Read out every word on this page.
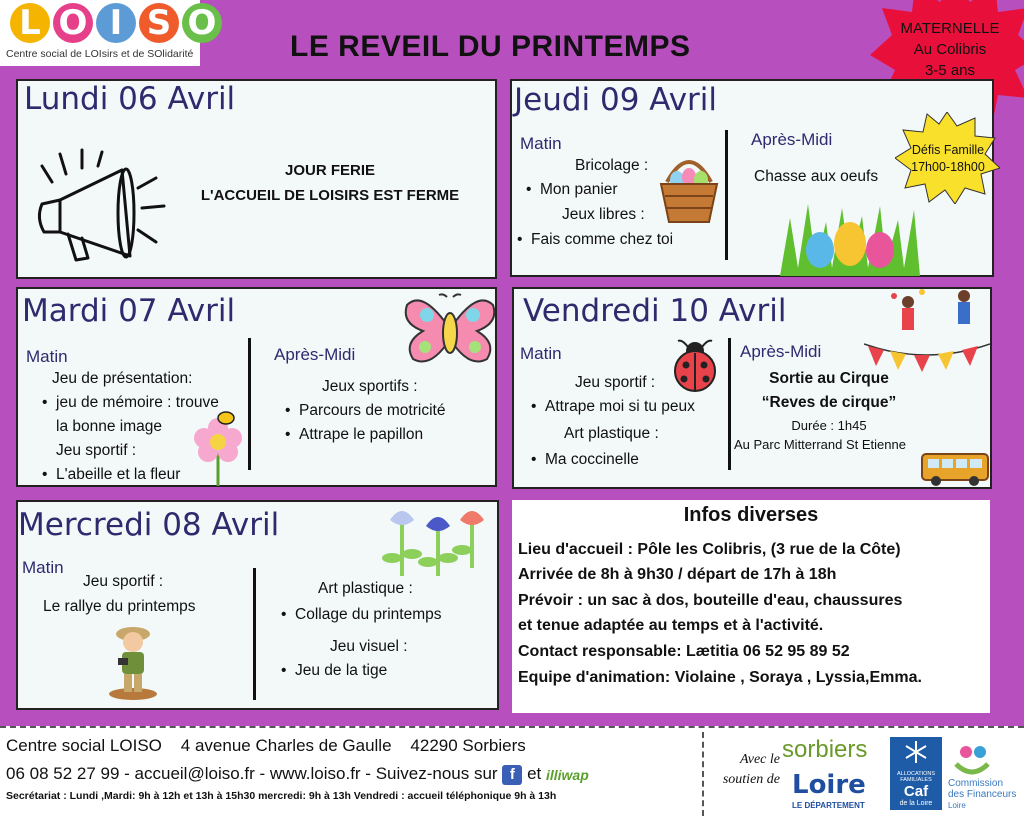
L O I S O
Centre social de LOIsirs et de SOlidarité	LE REVEIL DU PRINTEMPS
MATERNELLE
Au Colibris
3-5 ans
Lundi 06 Avril
JOUR FERIE
L'ACCUEIL DE LOISIRS EST FERME
Jeudi 09 Avril
Matin
Bricolage :
• Mon panier
Jeux libres :
• Fais comme chez toi
Après-Midi
Chasse aux oeufs
Défis Famille
17h00-18h00
Mardi 07 Avril
Matin
Jeu de présentation:
• jeu de mémoire : trouve
la bonne image
Jeu sportif :
• L'abeille et la fleur
Après-Midi
Jeux sportifs :
• Parcours de motricité
• Attrape le papillon
Vendredi 10 Avril
Matin
Jeu sportif :
• Attrape moi si tu peux
Art plastique :
• Ma coccinelle
Après-Midi
Sortie au Cirque
“Reves de cirque”
Durée : 1h45
Au Parc Mitterrand St Etienne
Mercredi 08 Avril
Matin
Jeu sportif :
Le rallye du printemps
Art plastique :
• Collage du printemps
Jeu visuel :
• Jeu de la tige
Infos diverses
Lieu d'accueil : Pôle les Colibris, (3 rue de la Côte)
Arrivée de 8h à 9h30 / départ de 17h à 18h
Prévoir : un sac à dos, bouteille d'eau, chaussures
et tenue adaptée au temps et à l'activité.
Contact responsable: Lætitia 06 52 95 89 52
Equipe d'animation: Violaine , Soraya , Lyssia,Emma.
Centre social LOISO    4 avenue Charles de Gaulle    42290 Sorbiers
06 08 52 27 99 - accueil@loiso.fr - www.loiso.fr - Suivez-nous sur f et illiwap
Secrétariat : Lundi ,Mardi: 9h à 12h et 13h à 15h30 mercredi: 9h à 13h Vendredi : accueil téléphonique 9h à 13h
Avec le soutien de
sorbiers
Loire
LE DÉPARTEMENT
ALLOCATIONS FAMILIALES
Caf
de la Loire
Commission
des Financeurs
Loire
